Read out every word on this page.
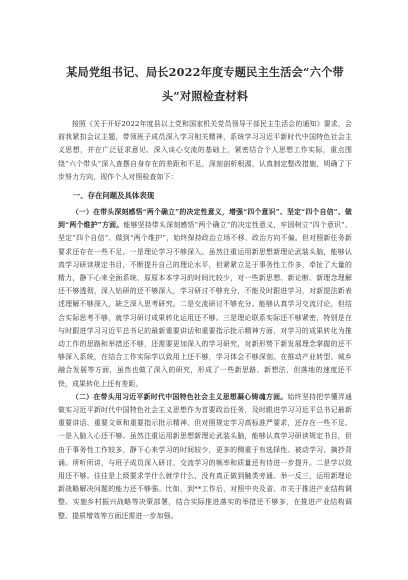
某局党组书记、局长2022年度专题民主生活会“六个带
头”对照检查材料

按照《关于开好2022年度县以上党和国家机关党员领导干部民主生活会的通知》要求，会前我紧扣会议主题，带领班子成员深入学习相关精神，系统学习习近平新时代中国特色社会主义思想，并在广泛征求意见、深入谈心交流的基础上，紧密结合个人思想工作实际，重点围绕“六个带头”深入查摆自身存在的差距和不足，深刻剖析根源，认真制定整改措施，明确了下步努力方向，现作个人对照检查如下：

一、存在问题及具体表现

（一）在带头深刻感悟“两个确立”的决定性意义，增强“四个意识”、坚定“四个自信”、做到“两个维护”方面。能够坚持带头深刻感悟“两个确立”的决定性意义，牢固树立“四个意识”、坚定“四个自信”、做到“两个维护”，始终保持政治立场不移、政治方向不偏。但对照新任务新要求还存在一些不足。一是理论学习不够深入。虽然注重运用新思想新理论武装头脑，能够认真学习研读规定书目，不断提升自己的理论水平，但紧紧立足于事务性工作多，牵扯了大量的精力，静下心来全面系统、原原本本学习的时间比较少，对一些新思想、新论断、新理念理解还不够透彻，深入钻研的还不够深入，学习研讨不够充分，不能及时跟进学习，对新提法新表述理解不够深入，缺乏深入思考研究。二是交流研讨不够充分。能够认真学习交流讨论，但结合实际思考不够，就学习研讨成果转化运用还不够。三是理论联系实际还不够紧密，特别是在与时跟进学习习近平总书记的最新重要讲话和重要指示批示精神方面，对学习的成果转化为推动工作的思路和举措还不够，还需要更加深入的学习研究，对新形势下新发展理念掌握的还不够深入系统，在结合工作实际学以致用上还不够，学习体会不够深刻。在推动产业转型、城乡融合发展等方面，虽然也做了深入的研究，形成了一些新思路、新想法，但落地的速度还不快，成果转化上还有差距。

（二）在带头用习近平新时代中国特色社会主义思想凝心铸魂方面。始终坚持把学懂弄通做实习近平新时代中国特色社会主义思想作为首要政治任务，及时跟进学习习近平总书记最新重要讲话、重要文章和重要指示批示精神。但对照规定学习高标准严要求，还存在一些不足。一是入脑入心还不够。虽然注重运用新思想新理论武装头脑，能够认真学习研读规定书目，但由于事务性工作较多，静下心来学习的时间较少，更多的侧重于有选择性、被动学习、摘抄背诵。所听所讲，与班子成员深入研讨、交流学习的频率和质量还有待进一步提升。二是学以致用还不够。往往是上级要求学什么就学什么，没有真正做到触类旁通、举一反三，运用新理论新战略解决问题的能力还不够强。比如，到**工作后，对照中央及省、市关于推进产业结构调整、实施乡村振兴战略等决策部署，结合实际推进落实的举措还不够多，在推进产业结构调整、提质增效等方面还需进一步加强。
